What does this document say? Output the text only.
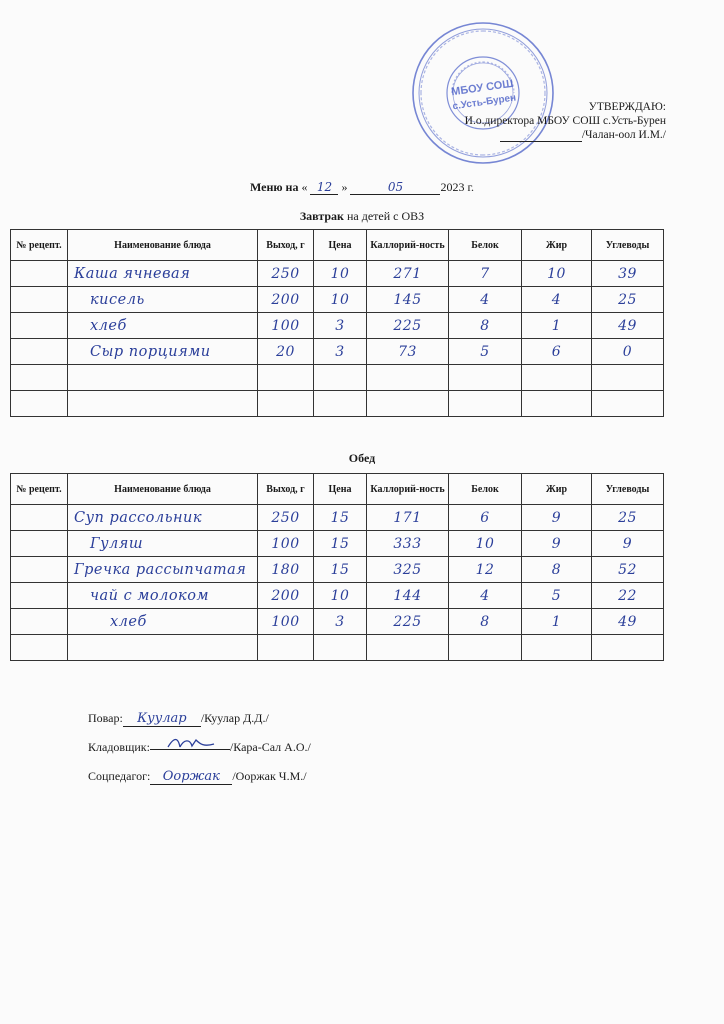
МБОУ СОШ
с.Усть-Бурен	УТВЕРЖДАЮ:
И.о.директора МБОУ СОШ с.Усть-Бурен
/Чалан-оол И.М./
Меню на « 12 »	05	2023 г.
Завтрак на детей с ОВЗ
№ рецепт.	Наименование блюда	Выход, г	Цена	Каллорий-ность	Белок	Жир	Углеводы
	Каша ячневая	250	10	271	7	10	39
	кисель	200	10	145	4	4	25
	хлеб	100	3	225	8	1	49
	Сыр порциями	20	3	73	5	6	0

Обед
№ рецепт.	Наименование блюда	Выход, г	Цена	Каллорий-ность	Белок	Жир	Углеводы
	Суп рассольник	250	15	171	6	9	25
	Гуляш	100	15	333	10	9	9
	Гречка рассыпчатая	180	15	325	12	8	52
	чай с молоком	200	10	144	4	5	22
	хлеб	100	3	225	8	1	49

Повар: Куулар /Куулар Д.Д./
Кладовщик:	/Кара-Сал А.О./
Соцпедагог: Ооржак /Ооржак Ч.М./
